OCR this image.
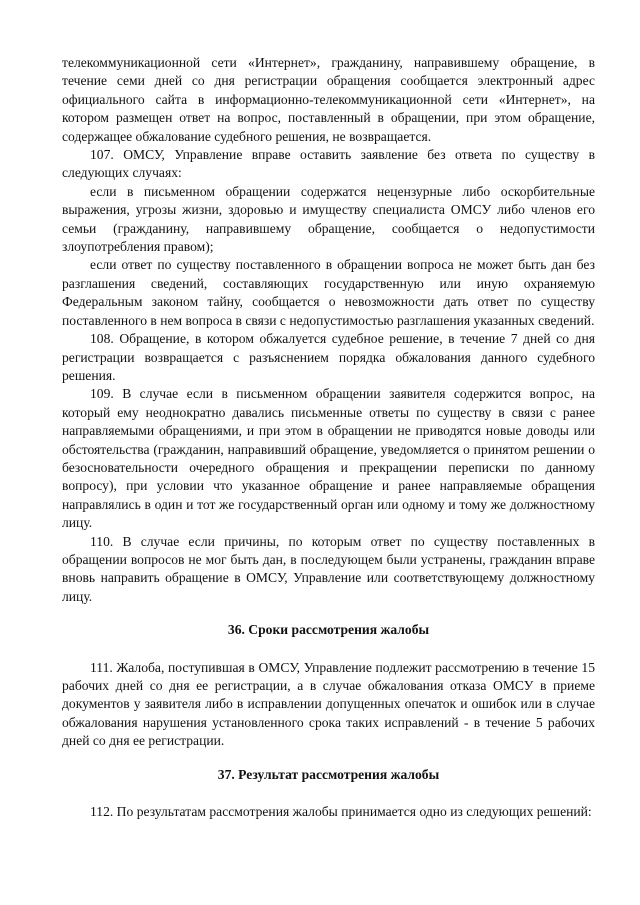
телекоммуникационной сети «Интернет», гражданину, направившему обращение, в течение семи дней со дня регистрации обращения сообщается электронный адрес официального сайта в информационно-телекоммуникационной сети «Интернет», на котором размещен ответ на вопрос, поставленный в обращении, при этом обращение, содержащее обжалование судебного решения, не возвращается.

107. ОМСУ, Управление вправе оставить заявление без ответа по существу в следующих случаях:

если в письменном обращении содержатся нецензурные либо оскорбительные выражения, угрозы жизни, здоровью и имуществу специалиста ОМСУ либо членов его семьи (гражданину, направившему обращение, сообщается о недопустимости злоупотребления правом);

если ответ по существу поставленного в обращении вопроса не может быть дан без разглашения сведений, составляющих государственную или иную охраняемую Федеральным законом тайну, сообщается о невозможности дать ответ по существу поставленного в нем вопроса в связи с недопустимостью разглашения указанных сведений.

108. Обращение, в котором обжалуется судебное решение, в течение 7 дней со дня регистрации возвращается с разъяснением порядка обжалования данного судебного решения.

109. В случае если в письменном обращении заявителя содержится вопрос, на который ему неоднократно давались письменные ответы по существу в связи с ранее направляемыми обращениями, и при этом в обращении не приводятся новые доводы или обстоятельства (гражданин, направивший обращение, уведомляется о принятом решении о безосновательности очередного обращения и прекращении переписки по данному вопросу), при условии что указанное обращение и ранее направляемые обращения направлялись в один и тот же государственный орган или одному и тому же должностному лицу.

110. В случае если причины, по которым ответ по существу поставленных в обращении вопросов не мог быть дан, в последующем были устранены, гражданин вправе вновь направить обращение в ОМСУ, Управление или соответствующему должностному лицу.

36. Сроки рассмотрения жалобы

111. Жалоба, поступившая в ОМСУ, Управление подлежит рассмотрению в течение 15 рабочих дней со дня ее регистрации, а в случае обжалования отказа ОМСУ в приеме документов у заявителя либо в исправлении допущенных опечаток и ошибок или в случае обжалования нарушения установленного срока таких исправлений - в течение 5 рабочих дней со дня ее регистрации.

37. Результат рассмотрения жалобы

112. По результатам рассмотрения жалобы принимается одно из следующих решений:
